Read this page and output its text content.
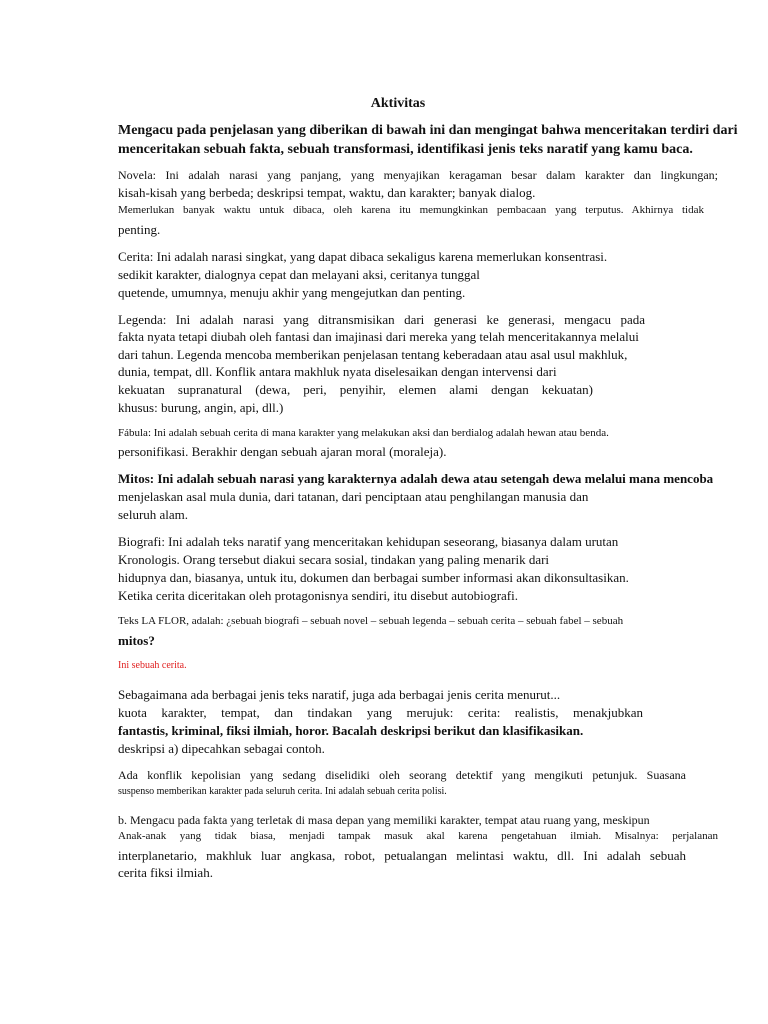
Aktivitas
Mengacu pada penjelasan yang diberikan di bawah ini dan mengingat bahwa menceritakan terdiri dari
menceritakan sebuah fakta, sebuah transformasi, identifikasi jenis teks naratif yang kamu baca.
Novela: Ini adalah narasi yang panjang, yang menyajikan keragaman besar dalam karakter dan lingkungan;
kisah-kisah yang berbeda; deskripsi tempat, waktu, dan karakter; banyak dialog.
Memerlukan banyak waktu untuk dibaca, oleh karena itu memungkinkan pembacaan yang terputus. Akhirnya tidak
penting.
Cerita: Ini adalah narasi singkat, yang dapat dibaca sekaligus karena memerlukan konsentrasi.
sedikit karakter, dialognya cepat dan melayani aksi, ceritanya tunggal
quetende, umumnya, menuju akhir yang mengejutkan dan penting.
Legenda: Ini adalah narasi yang ditransmisikan dari generasi ke generasi, mengacu pada
fakta nyata tetapi diubah oleh fantasi dan imajinasi dari mereka yang telah menceritakannya melalui
dari tahun. Legenda mencoba memberikan penjelasan tentang keberadaan atau asal usul makhluk,
dunia, tempat, dll. Konflik antara makhluk nyata diselesaikan dengan intervensi dari
kekuatan supranatural (dewa, peri, penyihir, elemen alami dengan kekuatan)
khusus: burung, angin, api, dll.)
Fábula: Ini adalah sebuah cerita di mana karakter yang melakukan aksi dan berdialog adalah hewan atau benda.
personifikasi. Berakhir dengan sebuah ajaran moral (moraleja).
Mitos: Ini adalah sebuah narasi yang karakternya adalah dewa atau setengah dewa melalui mana mencoba
menjelaskan asal mula dunia, dari tatanan, dari penciptaan atau penghilangan manusia dan
seluruh alam.
Biografi: Ini adalah teks naratif yang menceritakan kehidupan seseorang, biasanya dalam urutan
Kronologis. Orang tersebut diakui secara sosial, tindakan yang paling menarik dari
hidupnya dan, biasanya, untuk itu, dokumen dan berbagai sumber informasi akan dikonsultasikan.
Ketika cerita diceritakan oleh protagonisnya sendiri, itu disebut autobiografi.
Teks LA FLOR, adalah: ¿sebuah biografi – sebuah novel – sebuah legenda – sebuah cerita – sebuah fabel – sebuah
mitos?
Ini sebuah cerita.
Sebagaimana ada berbagai jenis teks naratif, juga ada berbagai jenis cerita menurut...
kuota karakter, tempat, dan tindakan yang merujuk: cerita: realistis, menakjubkan
fantastis, kriminal, fiksi ilmiah, horor. Bacalah deskripsi berikut dan klasifikasikan.
deskripsi a) dipecahkan sebagai contoh.
Ada konflik kepolisian yang sedang diselidiki oleh seorang detektif yang mengikuti petunjuk. Suasana
suspenso memberikan karakter pada seluruh cerita. Ini adalah sebuah cerita polisi.
b. Mengacu pada fakta yang terletak di masa depan yang memiliki karakter, tempat atau ruang yang, meskipun
Anak-anak yang tidak biasa, menjadi tampak masuk akal karena pengetahuan ilmiah. Misalnya: perjalanan
interplanetario, makhluk luar angkasa, robot, petualangan melintasi waktu, dll. Ini adalah sebuah
cerita fiksi ilmiah.
